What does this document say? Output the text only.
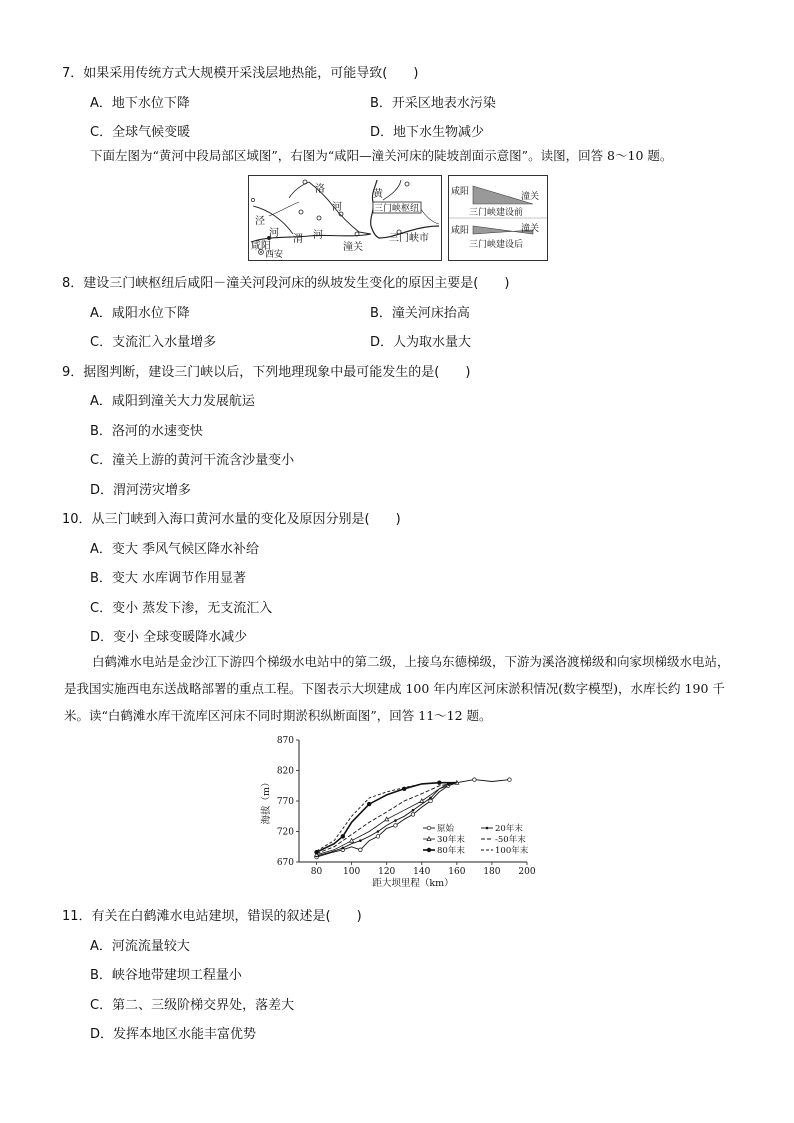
7．如果采用传统方式大规模开采浅层地热能，可能导致(　　)
A．地下水位下降	B．开采区地表水污染
C．全球气候变暖	D．地下水生物减少
下面左图为“黄河中段局部区域图”，右图为“咸阳—潼关河床的陡坡剖面示意图”。读图，回答 8～10 题。
洛	黄
河
泾
河
渭 河
咸阳
西安
潼关
三门峡市
三门峡枢纽
咸阳	潼关
三门峡建设前
咸阳	潼关
三门峡建设后
8．建设三门峡枢纽后咸阳－潼关河段河床的纵坡发生变化的原因主要是(　　)
A．咸阳水位下降	B．潼关河床抬高
C．支流汇入水量增多	D．人为取水量大
9．据图判断，建设三门峡以后，下列地理现象中最可能发生的是(　　)
A．咸阳到潼关大力发展航运
B．洛河的水速变快
C．潼关上游的黄河干流含沙量变小
D．渭河涝灾增多
10．从三门峡到入海口黄河水量的变化及原因分别是(　　)
A．变大 季风气候区降水补给
B．变大 水库调节作用显著
C．变小 蒸发下渗，无支流汇入
D．变小 全球变暖降水减少
白鹤滩水电站是金沙江下游四个梯级水电站中的第二级，上接乌东德梯级，下游为溪洛渡梯级和向家坝梯级水电站，是我国实施西电东送战略部署的重点工程。下图表示大坝建成 100 年内库区河床淤积情况(数字模型)，水库长约 190 千米。读“白鹤滩水库干流库区河床不同时期淤积纵断面图”，回答 11～12 题。
670
720
770
820
870
80 100 120 140 160 180 200
距大坝里程（km）
海拔（m）
原始	20年末
30年末	-50年末
80年末	100年末
11．有关在白鹤滩水电站建坝，错误的叙述是(　　)
A．河流流量较大
B．峡谷地带建坝工程量小
C．第二、三级阶梯交界处，落差大
D．发挥本地区水能丰富优势
